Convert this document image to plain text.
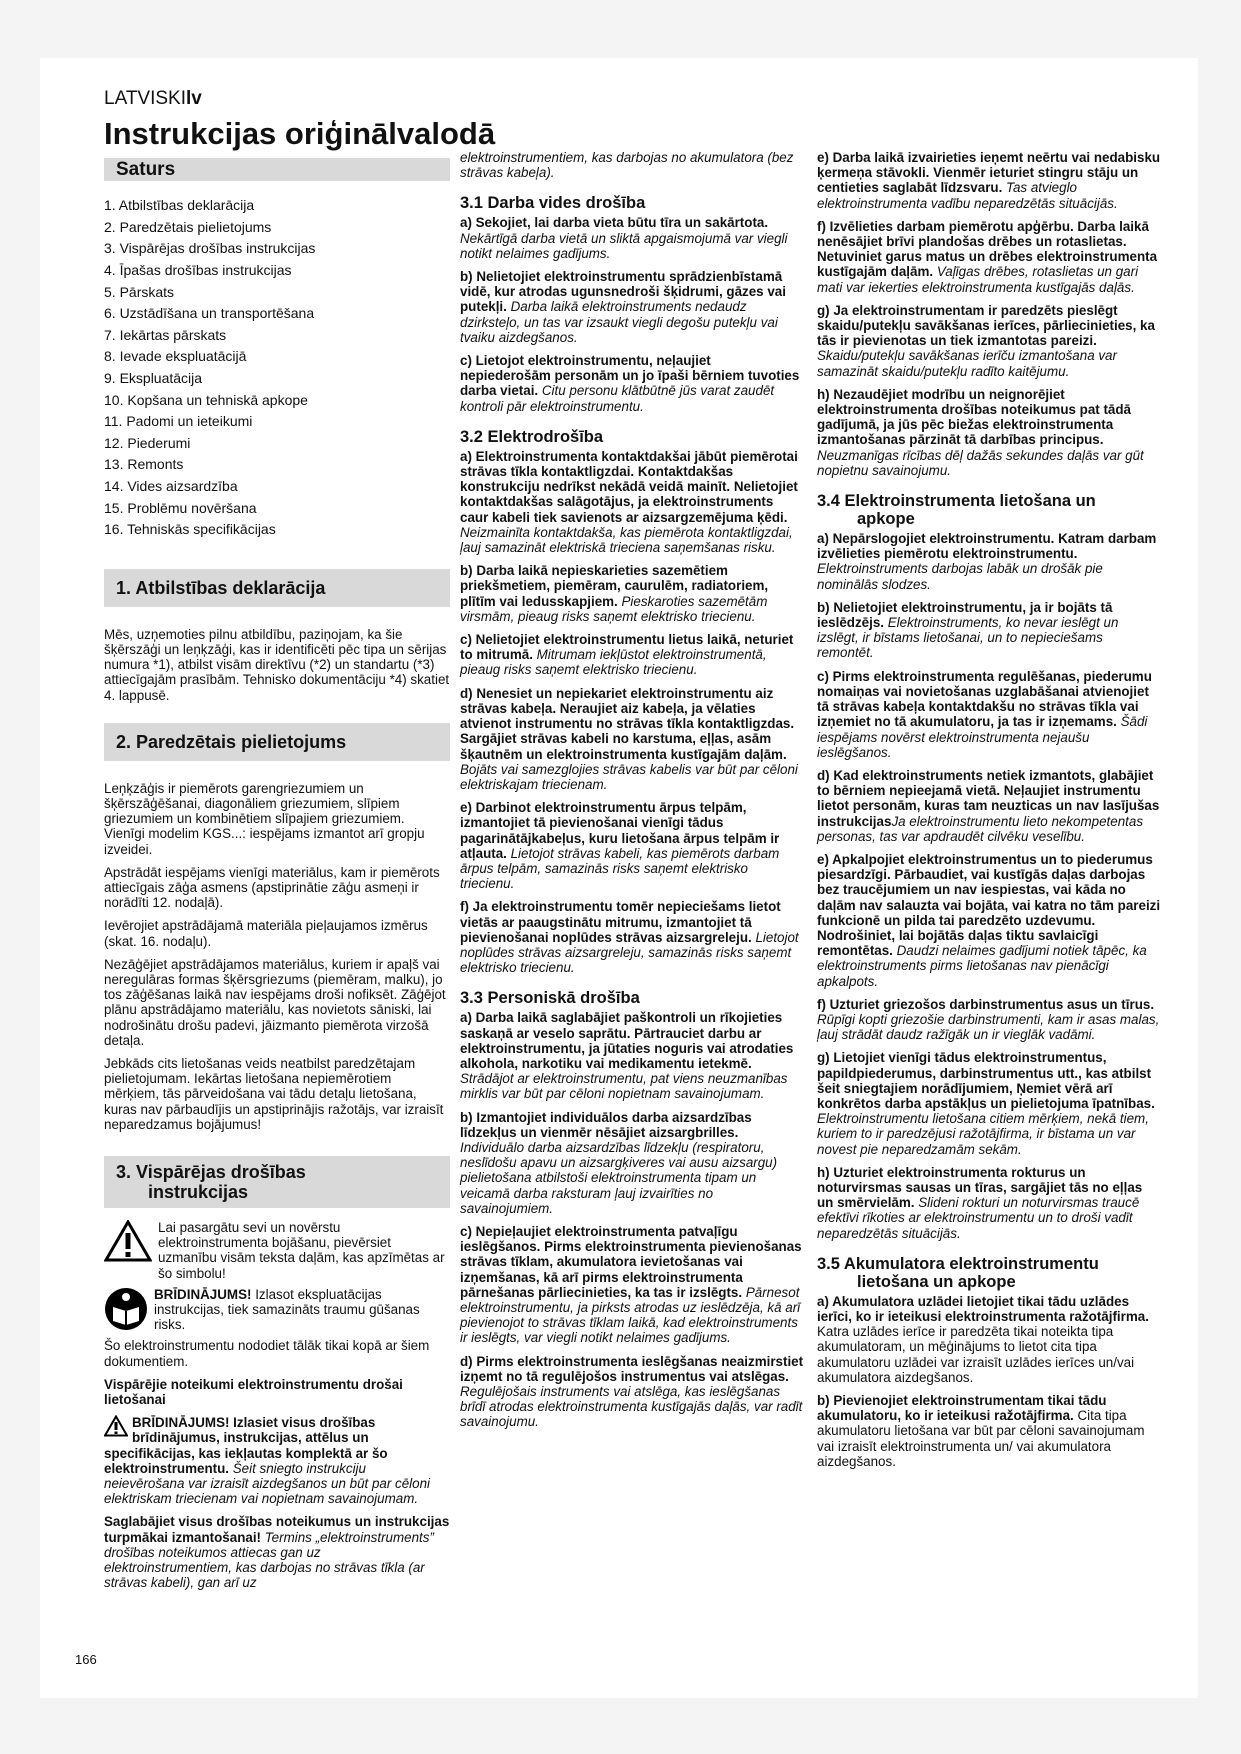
LATVISKIlv
Instrukcijas oriģinālvalodā
Saturs
1. Atbilstības deklarācija
2. Paredzētais pielietojums
3. Vispārējas drošības instrukcijas
4. Īpašas drošības instrukcijas
5. Pārskats
6. Uzstādīšana un transportēšana
7. Iekārtas pārskats
8. Ievade ekspluatācijā
9. Ekspluatācija
10. Kopšana un tehniskā apkope
11. Padomi un ieteikumi
12. Piederumi
13. Remonts
14. Vides aizsardzība
15. Problēmu novēršana
16. Tehniskās specifikācijas
1. Atbilstības deklarācija

Mēs, uzņemoties pilnu atbildību, paziņojam, ka šie šķērszāģi un leņķzāģi, kas ir identificēti pēc tipa un sērijas numura *1), atbilst visām direktīvu (*2) un standartu (*3) attiecīgajām prasībām. Tehnisko dokumentāciju *4) skatiet 4. lappusē.

2. Paredzētais pielietojums

Leņķzāģis ir piemērots garengriezumiem un šķērszāģēšanai, diagonāliem griezumiem, slīpiem griezumiem un kombinētiem slīpajiem griezumiem.

Vienīgi modelim KGS...: iespējams izmantot arī gropju izveidei.

Apstrādāt iespējams vienīgi materiālus, kam ir piemērots attiecīgais zāģa asmens (apstiprinātie zāģu asmeņi ir norādīti 12. nodaļā).

Ievērojiet apstrādājamā materiāla pieļaujamos izmērus (skat. 16. nodaļu).

Nezāģējiet apstrādājamos materiālus, kuriem ir apaļš vai neregulāras formas šķērsgriezums (piemēram, malku), jo tos zāģēšanas laikā nav iespējams droši nofiksēt. Zāģējot plānu apstrādājamo materiālu, kas novietots sāniski, lai nodrošinātu drošu padevi, jāizmanto piemērota virzošā detaļa.

Jebkāds cits lietošanas veids neatbilst paredzētajam pielietojumam. Iekārtas lietošana nepiemērotiem mērķiem, tās pārveidošana vai tādu detaļu lietošana, kuras nav pārbaudījis un apstiprinājis ražotājs, var izraisīt neparedzamus bojājumus!

3. Vispārējas drošības
instrukcijas

Lai pasargātu sevi un novērstu elektroinstrumenta bojāšanu, pievērsiet uzmanību visām teksta daļām, kas apzīmētas ar šo simbolu!

BRĪDINĀJUMS! Izlasot ekspluatācijas instrukcijas, tiek samazināts traumu gūšanas risks.

Šo elektroinstrumentu nododiet tālāk tikai kopā ar šiem dokumentiem.

Vispārējie noteikumi elektroinstrumentu drošai lietošanai

BRĪDINĀJUMS! Izlasiet visus drošības brīdinājumus, instrukcijas, attēlus un specifikācijas, kas iekļautas komplektā ar šo elektroinstrumentu. Šeit sniegto instrukciju neievērošana var izraisīt aizdegšanos un būt par cēloni elektriskam triecienam vai nopietnam savainojumam.

Saglabājiet visus drošības noteikumus un instrukcijas turpmākai izmantošanai! Termins „elektroinstruments” drošības noteikumos attiecas gan uz elektroinstrumentiem, kas darbojas no strāvas tīkla (ar strāvas kabeli), gan arī uz

elektroinstrumentiem, kas darbojas no akumulatora (bez strāvas kabeļa).

3.1 Darba vides drošība

a) Sekojiet, lai darba vieta būtu tīra un sakārtota. Nekārtīgā darba vietā un sliktā apgaismojumā var viegli notikt nelaimes gadījums.

b) Nelietojiet elektroinstrumentu sprādzienbīstamā vidē, kur atrodas ugunsnedroši šķidrumi, gāzes vai putekļi. Darba laikā elektroinstruments nedaudz dzirksteļo, un tas var izsaukt viegli degošu putekļu vai tvaiku aizdegšanos.

c) Lietojot elektroinstrumentu, neļaujiet nepiederošām personām un jo īpaši bērniem tuvoties darba vietai. Citu personu klātbūtnē jūs varat zaudēt kontroli pār elektroinstrumentu.

3.2 Elektrodrošība

a) Elektroinstrumenta kontaktdakšai jābūt piemērotai strāvas tīkla kontaktligzdai. Kontaktdakšas konstrukciju nedrīkst nekādā veidā mainīt. Nelietojiet kontaktdakšas salāgotājus, ja elektroinstruments caur kabeli tiek savienots ar aizsargzemējuma ķēdi. Neizmainīta kontaktdakša, kas piemērota kontaktligzdai, ļauj samazināt elektriskā trieciena saņemšanas risku.

b) Darba laikā nepieskarieties sazemētiem priekšmetiem, piemēram, caurulēm, radiatoriem, plītīm vai ledusskapjiem. Pieskaroties sazemētām virsmām, pieaug risks saņemt elektrisko triecienu.

c) Nelietojiet elektroinstrumentu lietus laikā, neturiet to mitrumā. Mitrumam iekļūstot elektroinstrumentā, pieaug risks saņemt elektrisko triecienu.

d) Nenesiet un nepiekariet elektroinstrumentu aiz strāvas kabeļa. Neraujiet aiz kabeļa, ja vēlaties atvienot instrumentu no strāvas tīkla kontaktligzdas. Sargājiet strāvas kabeli no karstuma, eļļas, asām šķautnēm un elektroinstrumenta kustīgajām daļām. Bojāts vai samezglojies strāvas kabelis var būt par cēloni elektriskajam triecienam.

e) Darbinot elektroinstrumentu ārpus telpām, izmantojiet tā pievienošanai vienīgi tādus pagarinātājkabeļus, kuru lietošana ārpus telpām ir atļauta. Lietojot strāvas kabeli, kas piemērots darbam ārpus telpām, samazinās risks saņemt elektrisko triecienu.

f) Ja elektroinstrumentu tomēr nepieciešams lietot vietās ar paaugstinātu mitrumu, izmantojiet tā pievienošanai noplūdes strāvas aizsargreleju. Lietojot noplūdes strāvas aizsargreleju, samazinās risks saņemt elektrisko triecienu.

3.3 Personiskā drošība

a) Darba laikā saglabājiet paškontroli un rīkojieties saskaņā ar veselo saprātu. Pārtrauciet darbu ar elektroinstrumentu, ja jūtaties noguris vai atrodaties alkohola, narkotiku vai medikamentu ietekmē. Strādājot ar elektroinstrumentu, pat viens neuzmanības mirklis var būt par cēloni nopietnam savainojumam.

b) Izmantojiet individuālos darba aizsardzības līdzekļus un vienmēr nēsājiet aizsargbrilles. Individuālo darba aizsardzības līdzekļu (respiratoru, neslīdošu apavu un aizsargķiveres vai ausu aizsargu) pielietošana atbilstoši elektroinstrumenta tipam un veicamā darba raksturam ļauj izvairīties no savainojumiem.

c) Nepieļaujiet elektroinstrumenta patvaļīgu ieslēgšanos. Pirms elektroinstrumenta pievienošanas strāvas tīklam, akumulatora ievietošanas vai izņemšanas, kā arī pirms elektroinstrumenta pārnešanas pārliecinieties, ka tas ir izslēgts. Pārnesot elektroinstrumentu, ja pirksts atrodas uz ieslēdzēja, kā arī pievienojot to strāvas tīklam laikā, kad elektroinstruments ir ieslēgts, var viegli notikt nelaimes gadījums.

d) Pirms elektroinstrumenta ieslēgšanas neaizmirstiet izņemt no tā regulējošos instrumentus vai atslēgas. Regulējošais instruments vai atslēga, kas ieslēgšanas brīdī atrodas elektroinstrumenta kustīgajās daļās, var radīt savainojumu.

e) Darba laikā izvairieties ieņemt neērtu vai nedabisku ķermeņa stāvokli. Vienmēr ieturiet stingru stāju un centieties saglabāt līdzsvaru. Tas atvieglo elektroinstrumenta vadību neparedzētās situācijās.

f) Izvēlieties darbam piemērotu apģērbu. Darba laikā nenēsājiet brīvi plandošas drēbes un rotaslietas. Netuviniet garus matus un drēbes elektroinstrumenta kustīgajām daļām. Vaļīgas drēbes, rotaslietas un gari mati var iekerties elektroinstrumenta kustīgajās daļās.

g) Ja elektroinstrumentam ir paredzēts pieslēgt skaidu/putekļu savākšanas ierīces, pārliecinieties, ka tās ir pievienotas un tiek izmantotas pareizi. Skaidu/putekļu savākšanas ierīču izmantošana var samazināt skaidu/putekļu radīto kaitējumu.

h) Nezaudējiet modrību un neignorējiet elektroinstrumenta drošības noteikumus pat tādā gadījumā, ja jūs pēc biežas elektroinstrumenta izmantošanas pārzināt tā darbības principus. Neuzmanīgas rīcības dēļ dažās sekundes daļās var gūt nopietnu savainojumu.

3.4 Elektroinstrumenta lietošana un
apkope

a) Nepārslogojiet elektroinstrumentu. Katram darbam izvēlieties piemērotu elektroinstrumentu. Elektroinstruments darbojas labāk un drošāk pie nominālās slodzes.

b) Nelietojiet elektroinstrumentu, ja ir bojāts tā ieslēdzējs. Elektroinstruments, ko nevar ieslēgt un izslēgt, ir bīstams lietošanai, un to nepieciešams remontēt.

c) Pirms elektroinstrumenta regulēšanas, piederumu nomaiņas vai novietošanas uzglabāšanai atvienojiet tā strāvas kabeļa kontaktdakšu no strāvas tīkla vai izņemiet no tā akumulatoru, ja tas ir izņemams. Šādi iespējams novērst elektroinstrumenta nejaušu ieslēgšanos.

d) Kad elektroinstruments netiek izmantots, glabājiet to bērniem nepieejamā vietā. Neļaujiet instrumentu lietot personām, kuras tam neuzticas un nav lasījušas instrukcijasJa elektroinstrumentu lieto nekompetentas personas, tas var apdraudēt cilvēku veselību.

e) Apkalpojiet elektroinstrumentus un to piederumus piesardzīgi. Pārbaudiet, vai kustīgās daļas darbojas bez traucējumiem un nav iespiestas, vai kāda no daļām nav salauzta vai bojāta, vai katra no tām pareizi funkcionē un pilda tai paredzēto uzdevumu. Nodrošiniet, lai bojātās daļas tiktu savlaicīgi remontētas. Daudzi nelaimes gadījumi notiek tāpēc, ka elektroinstruments pirms lietošanas nav pienācīgi apkalpots.

f) Uzturiet griezošos darbinstrumentus asus un tīrus. Rūpīgi kopti griezošie darbinstrumenti, kam ir asas malas, ļauj strādāt daudz ražīgāk un ir vieglāk vadāmi.

g) Lietojiet vienīgi tādus elektroinstrumentus, papildpiederumus, darbinstrumentus utt., kas atbilst šeit sniegtajiem norādījumiem, Ņemiet vērā arī konkrētos darba apstākļus un pielietojuma īpatnības. Elektroinstrumentu lietošana citiem mērķiem, nekā tiem, kuriem to ir paredzējusi ražotājfirma, ir bīstama un var novest pie neparedzamām sekām.

h) Uzturiet elektroinstrumenta rokturus un noturvirsmas sausas un tīras, sargājiet tās no eļļas un smērvielām. Slideni rokturi un noturvirsmas traucē efektīvi rīkoties ar elektroinstrumentu un to droši vadīt neparedzētās situācijās.

3.5 Akumulatora elektroinstrumentu
lietošana un apkope

a) Akumulatora uzlādei lietojiet tikai tādu uzlādes ierīci, ko ir ieteikusi elektroinstrumenta ražotājfirma. Katra uzlādes ierīce ir paredzēta tikai noteikta tipa akumulatoram, un mēģinājums to lietot cita tipa akumulatoru uzlādei var izraisīt uzlādes ierīces un/vai akumulatora aizdegšanos.

b) Pievienojiet elektroinstrumentam tikai tādu akumulatoru, ko ir ieteikusi ražotājfirma. Cita tipa akumulatoru lietošana var būt par cēloni savainojumam vai izraisīt elektroinstrumenta un/ vai akumulatora aizdegšanos.

166
